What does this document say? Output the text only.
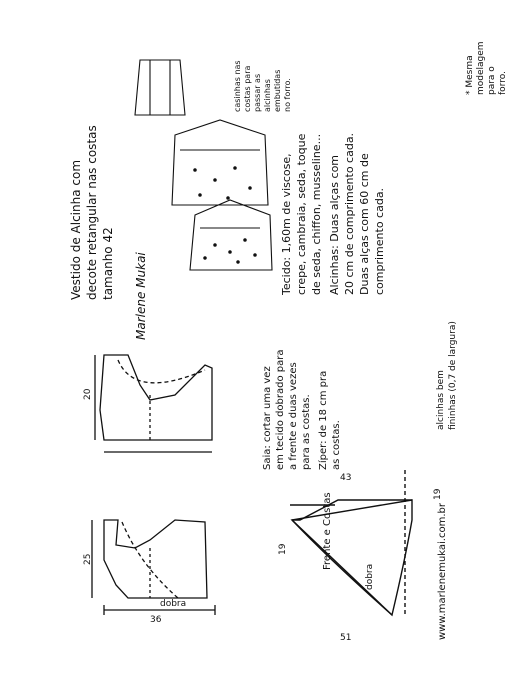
dobra
Frente e Costas
dobra
Vestido de Alcinha com decote retangular nas costas tamanho 42 Marlene Mukai
Tecido: 1,60m de viscose, crepe, cambraia, seda, toque de seda, chiffon, musseline... Alcinhas: Duas alças com 20 cm de comprimento cada. Duas alças com 60 cm de comprimento cada.
* Mesma modelagem para o forro.
casinhas nas costas para passar as alcinhas embutidas no forro.
alcinhas bem fininhas (0,7 de largura)
Saia: cortar uma vez em tecido dobrado para a frente e duas vezes para as costas. Zíper: de 18 cm pra as costas.
www.marlenemukai.com.br
25
36
19
19
20
51
43
